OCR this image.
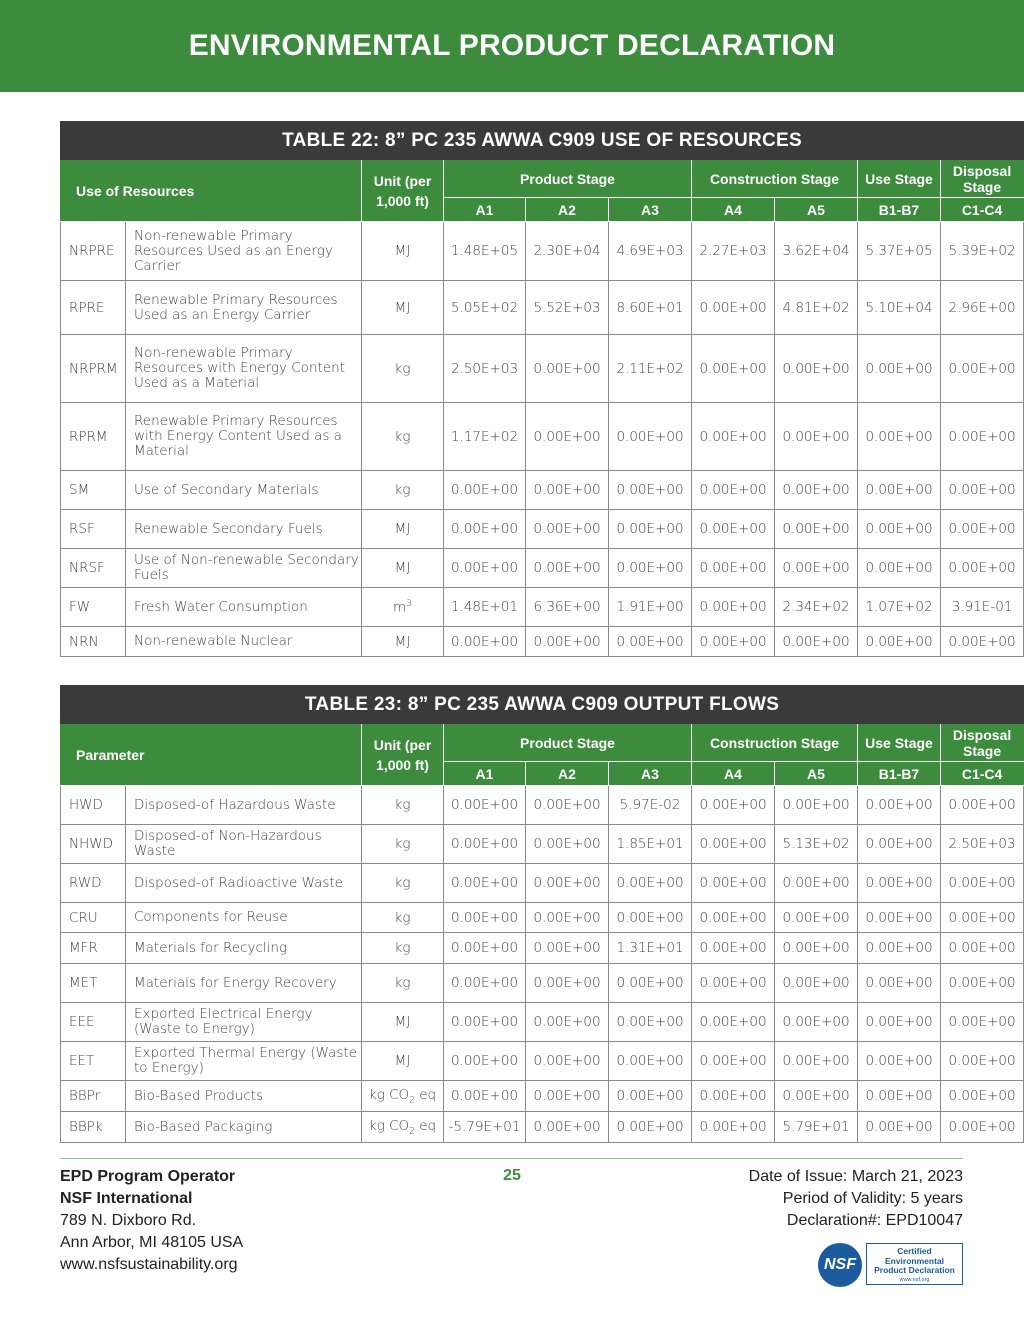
ENVIRONMENTAL PRODUCT DECLARATION
TABLE 22: 8” PC 235 AWWA C909 USE OF RESOURCES									
Use of Resources		Unit (per 1,000 ft)	Product Stage			Construction Stage		Use Stage	Disposal Stage
			A1	A2	A3	A4	A5	B1-B7	C1-C4
NRPRE	Non-renewable Primary Resources Used as an Energy Carrier	MJ	1.48E+05	2.30E+04	4.69E+03	2.27E+03	3.62E+04	5.37E+05	5.39E+02
RPRE	Renewable Primary Resources Used as an Energy Carrier	MJ	5.05E+02	5.52E+03	8.60E+01	0.00E+00	4.81E+02	5.10E+04	2.96E+00
NRPRM	Non-renewable Primary Resources with Energy Content Used as a Material	kg	2.50E+03	0.00E+00	2.11E+02	0.00E+00	0.00E+00	0.00E+00	0.00E+00
RPRM	Renewable Primary Resources with Energy Content Used as a Material	kg	1.17E+02	0.00E+00	0.00E+00	0.00E+00	0.00E+00	0.00E+00	0.00E+00
SM	Use of Secondary Materials	kg	0.00E+00	0.00E+00	0.00E+00	0.00E+00	0.00E+00	0.00E+00	0.00E+00
RSF	Renewable Secondary Fuels	MJ	0.00E+00	0.00E+00	0.00E+00	0.00E+00	0.00E+00	0.00E+00	0.00E+00
NRSF	Use of Non-renewable Secondary Fuels	MJ	0.00E+00	0.00E+00	0.00E+00	0.00E+00	0.00E+00	0.00E+00	0.00E+00
FW	Fresh Water Consumption	$m^3$	1.48E+01	6.36E+00	1.91E+00	0.00E+00	2.34E+02	1.07E+02	3.91E-01
NRN	Non-renewable Nuclear	MJ	0.00E+00	0.00E+00	0.00E+00	0.00E+00	0.00E+00	0.00E+00	0.00E+00
TABLE 23: 8” PC 235 AWWA C909 OUTPUT FLOWS									
Parameter		Unit (per 1,000 ft)	Product Stage			Construction Stage		Use Stage	Disposal Stage
			A1	A2	A3	A4	A5	B1-B7	C1-C4
HWD	Disposed-of Hazardous Waste	kg	0.00E+00	0.00E+00	5.97E-02	0.00E+00	0.00E+00	0.00E+00	0.00E+00
NHWD	Disposed-of Non-Hazardous Waste	kg	0.00E+00	0.00E+00	1.85E+01	0.00E+00	5.13E+02	0.00E+00	2.50E+03
RWD	Disposed-of Radioactive Waste	kg	0.00E+00	0.00E+00	0.00E+00	0.00E+00	0.00E+00	0.00E+00	0.00E+00
CRU	Components for Reuse	kg	0.00E+00	0.00E+00	0.00E+00	0.00E+00	0.00E+00	0.00E+00	0.00E+00
MFR	Materials for Recycling	kg	0.00E+00	0.00E+00	1.31E+01	0.00E+00	0.00E+00	0.00E+00	0.00E+00
MET	Materials for Energy Recovery	kg	0.00E+00	0.00E+00	0.00E+00	0.00E+00	0.00E+00	0.00E+00	0.00E+00
EEE	Exported Electrical Energy (Waste to Energy)	MJ	0.00E+00	0.00E+00	0.00E+00	0.00E+00	0.00E+00	0.00E+00	0.00E+00
EET	Exported Thermal Energy (Waste to Energy)	MJ	0.00E+00	0.00E+00	0.00E+00	0.00E+00	0.00E+00	0.00E+00	0.00E+00
BBPr	Bio-Based Products	kg $CO_2$ eq	0.00E+00	0.00E+00	0.00E+00	0.00E+00	0.00E+00	0.00E+00	0.00E+00
BBPk	Bio-Based Packaging	kg $CO_2$ eq	-5.79E+01	0.00E+00	0.00E+00	0.00E+00	5.79E+01	0.00E+00	0.00E+00
EPD Program Operator
NSF International
789 N. Dixboro Rd.
Ann Arbor, MI 48105 USA
www.nsfsustainability.org
25	Date of Issue: March 21, 2023
Period of Validity: 5 years
Declaration#: EPD10047
NSF
Certified
Environmental
Product Declaration
www.nsf.org
